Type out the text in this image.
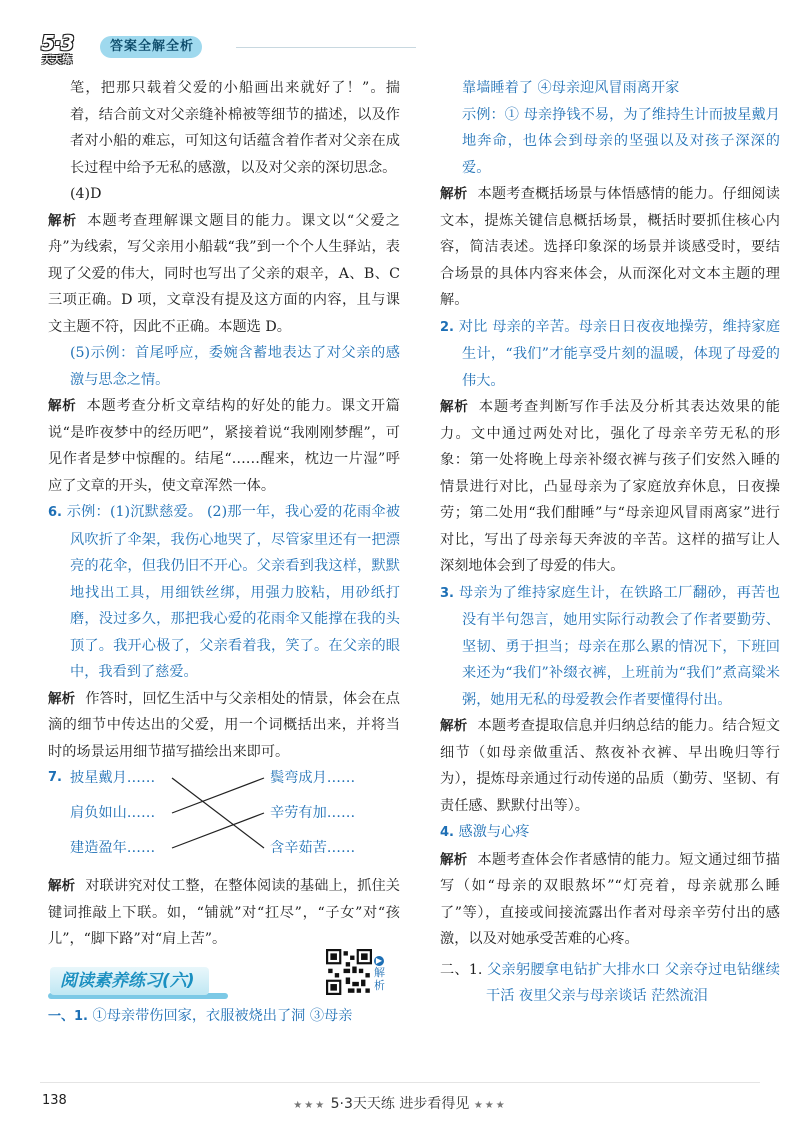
5·3
天天练
答案全解全析

笔，把那只载着父爱的小船画出来就好了！”。揣着，结合前文对父亲缝补棉被等细节的描述，以及作者对小船的难忘，可知这句话蕴含着作者对父亲在成长过程中给予无私的感激，以及对父亲的深切思念。

(4)D

解析 本题考查理解课文题目的能力。课文以“父爱之舟”为线索，写父亲用小船载“我”到一个个人生驿站，表现了父爱的伟大，同时也写出了父亲的艰辛，A、B、C 三项正确。D 项，文章没有提及这方面的内容，且与课文主题不符，因此不正确。本题选 D。

(5)示例：首尾呼应，委婉含蓄地表达了对父亲的感激与思念之情。

解析 本题考查分析文章结构的好处的能力。课文开篇说“是昨夜梦中的经历吧”，紧接着说“我刚刚梦醒”，可见作者是梦中惊醒的。结尾“……醒来，枕边一片湿”呼应了文章的开头，使文章浑然一体。

6. 示例：(1)沉默慈爱。 (2)那一年，我心爱的花雨伞被风吹折了伞架，我伤心地哭了，尽管家里还有一把漂亮的花伞，但我仍旧不开心。父亲看到我这样，默默地找出工具，用细铁丝绑，用强力胶粘，用砂纸打磨，没过多久，那把我心爱的花雨伞又能撑在我的头顶了。我开心极了，父亲看着我，笑了。在父亲的眼中，我看到了慈爱。

解析 作答时，回忆生活中与父亲相处的情景，体会在点滴的细节中传达出的父爱，用一个词概括出来，并将当时的场景运用细节描写描绘出来即可。

7. 披星戴月……
肩负如山……
建造盈年……
鬓弯成月……
辛劳有加……
含辛茹苦……

解析 对联讲究对仗工整，在整体阅读的基础上，抓住关键词推敲上下联。如，“铺就”对“扛尽”，“子女”对“孩儿”，“脚下路”对“肩上苦”。

阅读素养练习(六)
▶
解析

一、1. ①母亲带伤回家，衣服被烧出了洞 ③母亲

靠墙睡着了 ④母亲迎风冒雨离开家

示例：① 母亲挣钱不易，为了维持生计而披星戴月地奔命，也体会到母亲的坚强以及对孩子深深的爱。

解析 本题考查概括场景与体悟感情的能力。仔细阅读文本，提炼关键信息概括场景，概括时要抓住核心内容，简洁表述。选择印象深的场景并谈感受时，要结合场景的具体内容来体会，从而深化对文本主题的理解。

2. 对比 母亲的辛苦。母亲日日夜夜地操劳，维持家庭生计，“我们”才能享受片刻的温暖，体现了母爱的伟大。

解析 本题考查判断写作手法及分析其表达效果的能力。文中通过两处对比，强化了母亲辛劳无私的形象：第一处将晚上母亲补缀衣裤与孩子们安然入睡的情景进行对比，凸显母亲为了家庭放弃休息，日夜操劳；第二处用“我们酣睡”与“母亲迎风冒雨离家”进行对比，写出了母亲每天奔波的辛苦。这样的描写让人深刻地体会到了母爱的伟大。

3. 母亲为了维持家庭生计，在铁路工厂翻砂，再苦也没有半句怨言，她用实际行动教会了作者要勤劳、坚韧、勇于担当；母亲在那么累的情况下，下班回来还为“我们”补缀衣裤，上班前为“我们”煮高粱米粥，她用无私的母爱教会作者要懂得付出。

解析 本题考查提取信息并归纳总结的能力。结合短文细节（如母亲做重活、熬夜补衣裤、早出晚归等行为），提炼母亲通过行动传递的品质（勤劳、坚韧、有责任感、默默付出等）。

4. 感激与心疼

解析 本题考查体会作者感情的能力。短文通过细节描写（如“母亲的双眼熬坏”“灯亮着，母亲就那么睡了”等），直接或间接流露出作者对母亲辛劳付出的感激，以及对她承受苦难的心疼。

二、1. 父亲躬腰拿电钻扩大排水口 父亲夺过电钻继续干活 夜里父亲与母亲谈话 茫然流泪

138	★★★ 5·3天天练 进步看得见 ★★★
